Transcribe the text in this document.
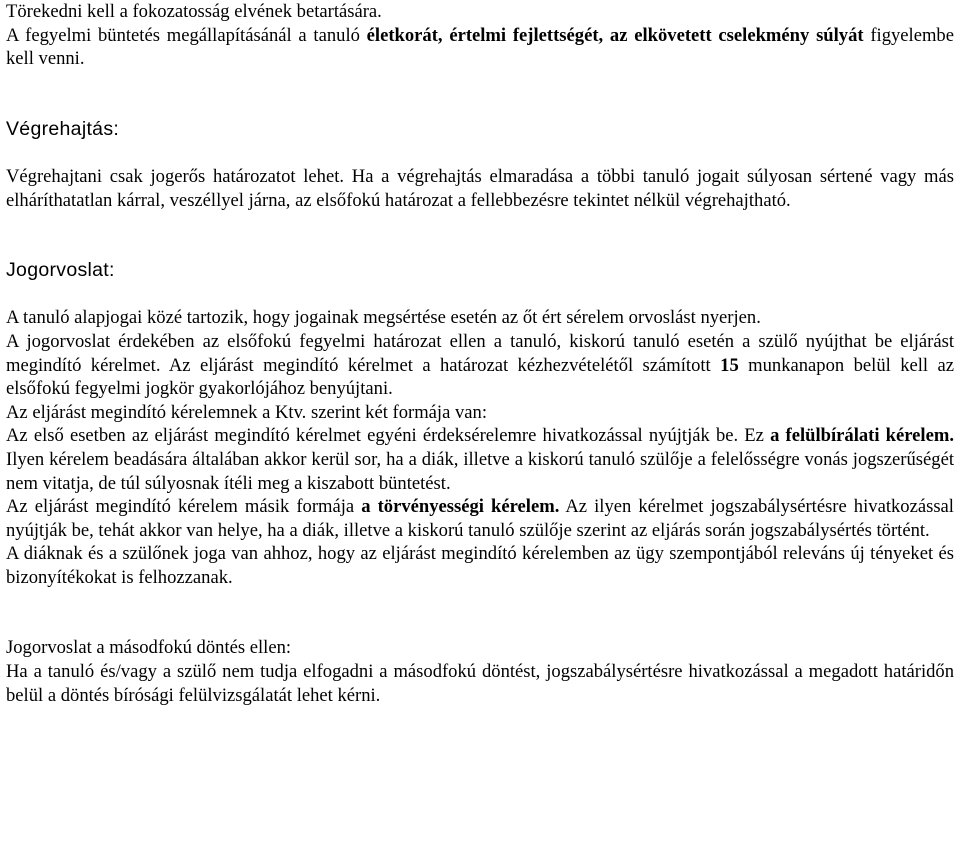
Törekedni kell a fokozatosság elvének betartására.

A fegyelmi büntetés megállapításánál a tanuló életkorát, értelmi fejlettségét, az elkövetett cselekmény súlyát figyelembe kell venni.

Végrehajtás:

Végrehajtani csak jogerős határozatot lehet. Ha a végrehajtás elmaradása a többi tanuló jogait súlyosan sértené vagy más elháríthatatlan kárral, veszéllyel járna, az elsőfokú határozat a fellebbezésre tekintet nélkül végrehajtható.

Jogorvoslat:

A tanuló alapjogai közé tartozik, hogy jogainak megsértése esetén az őt ért sérelem orvoslást nyerjen.

A jogorvoslat érdekében az elsőfokú fegyelmi határozat ellen a tanuló, kiskorú tanuló esetén a szülő nyújthat be eljárást megindító kérelmet. Az eljárást megindító kérelmet a határozat kézhezvételétől számított 15 munkanapon belül kell az elsőfokú fegyelmi jogkör gyakorlójához benyújtani.

Az eljárást megindító kérelemnek a Ktv. szerint két formája van:

Az első esetben az eljárást megindító kérelmet egyéni érdeksérelemre hivatkozással nyújtják be. Ez a felülbírálati kérelem. Ilyen kérelem beadására általában akkor kerül sor, ha a diák, illetve a kiskorú tanuló szülője a felelősségre vonás jogszerűségét nem vitatja, de túl súlyosnak ítéli meg a kiszabott büntetést.

Az eljárást megindító kérelem másik formája a törvényességi kérelem. Az ilyen kérelmet jogszabálysértésre hivatkozással nyújtják be, tehát akkor van helye, ha a diák, illetve a kiskorú tanuló szülője szerint az eljárás során jogszabálysértés történt.

A diáknak és a szülőnek joga van ahhoz, hogy az eljárást megindító kérelemben az ügy szempontjából releváns új tényeket és bizonyítékokat is felhozzanak.

Jogorvoslat a másodfokú döntés ellen:

Ha a tanuló és/vagy a szülő nem tudja elfogadni a másodfokú döntést, jogszabálysértésre hivatkozással a megadott határidőn belül a döntés bírósági felülvizsgálatát lehet kérni.
